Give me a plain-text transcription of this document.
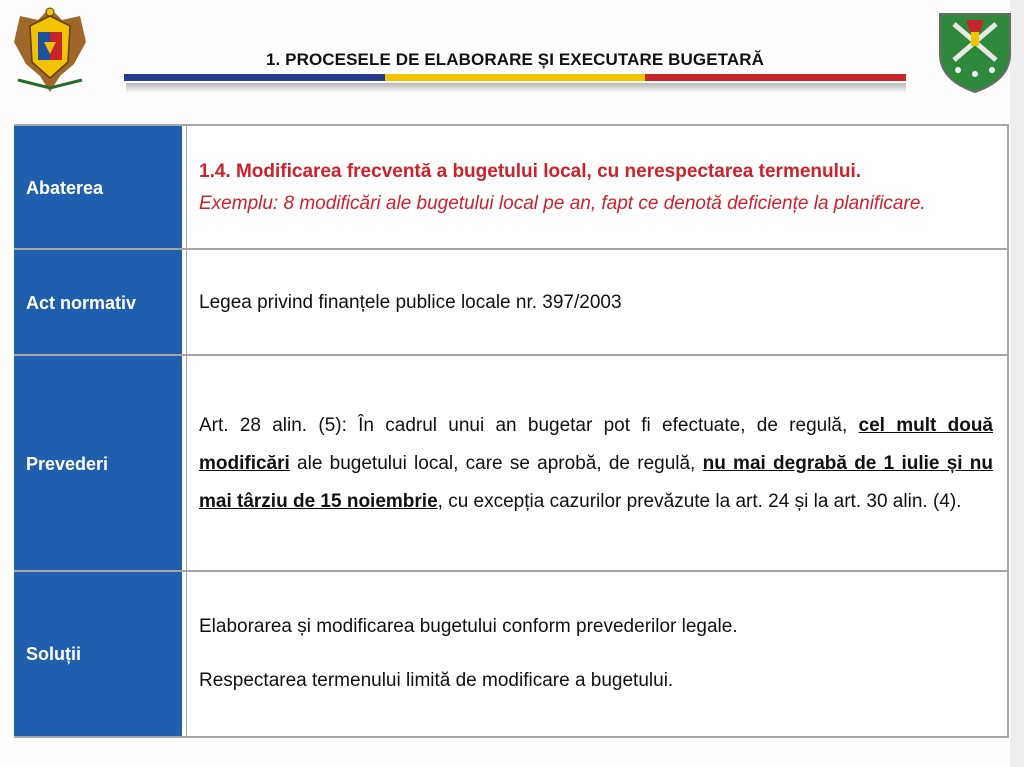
1. PROCESELE DE ELABORARE ȘI EXECUTARE BUGETARĂ
Abaterea

1.4. Modificarea frecventă a bugetului local, cu nerespectarea termenului.

Exemplu: 8 modificări ale bugetului local pe an, fapt ce denotă deficiențe la planificare.

Act normativ	Legea privind finanțele publice locale nr. 397/2003

Prevederi

Art. 28 alin. (5): În cadrul unui an bugetar pot fi efectuate, de regulă, cel mult două modificări ale bugetului local, care se aprobă, de regulă, nu mai degrabă de 1 iulie și nu mai târziu de 15 noiembrie, cu excepția cazurilor prevăzute la art. 24 și la art. 30 alin. (4).

Soluții

Elaborarea și modificarea bugetului conform prevederilor legale.

Respectarea termenului limită de modificare a bugetului.
